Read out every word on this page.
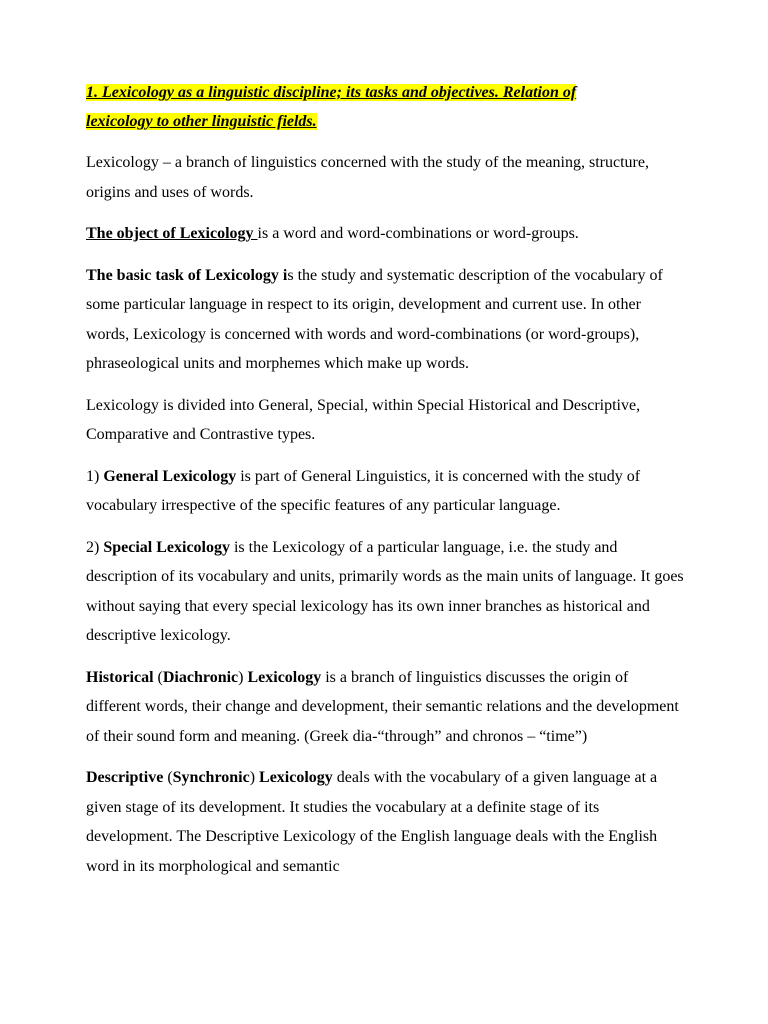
1. Lexicology as a linguistic discipline; its tasks and objectives. Relation of
lexicology to other linguistic fields.

Lexicology – a branch of linguistics concerned with the study of the meaning, structure, origins and uses of words.

The object of Lexicology is a word and word-combinations or word-groups.

The basic task of Lexicology is the study and systematic description of the vocabulary of some particular language in respect to its origin, development and current use. In other words, Lexicology is concerned with words and word-combinations (or word-groups), phraseological units and morphemes which make up words.

Lexicology is divided into General, Special, within Special Historical and Descriptive, Comparative and Contrastive types.

1) General Lexicology is part of General Linguistics, it is concerned with the study of vocabulary irrespective of the specific features of any particular language.

2) Special Lexicology is the Lexicology of a particular language, i.e. the study and description of its vocabulary and units, primarily words as the main units of language. It goes without saying that every special lexicology has its own inner branches as historical and descriptive lexicology.

Historical (Diachronic) Lexicology is a branch of linguistics discusses the origin of different words, their change and development, their semantic relations and the development of their sound form and meaning. (Greek dia-“through” and chronos – “time”)

Descriptive (Synchronic) Lexicology deals with the vocabulary of a given language at a given stage of its development. It studies the vocabulary at a definite stage of its development. The Descriptive Lexicology of the English language deals with the English word in its morphological and semantic
